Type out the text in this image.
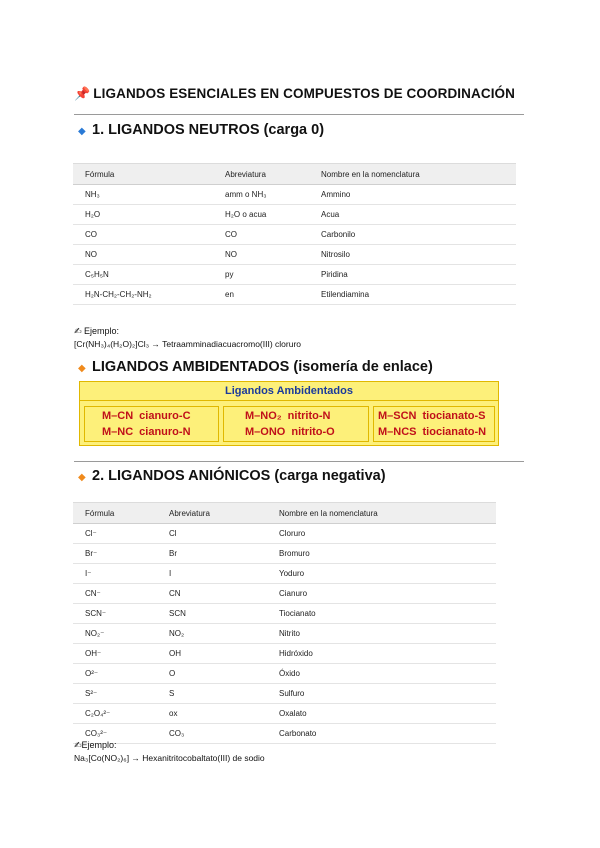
📌 LIGANDOS ESENCIALES EN COMPUESTOS DE COORDINACIÓN
◆ 1. LIGANDOS NEUTROS (carga 0)
Fórmula	Abreviatura	Nombre en la nomenclatura
NH₃	amm o NH₃	Ammino
H₂O	H₂O o acua	Acua
CO	CO	Carbonilo
NO	NO	Nitrosilo
C₅H₅N	py	Piridina
H₂N-CH₂-CH₂-NH₂	en	Etilendiamina
✍ Ejemplo:
[Cr(NH₃)₄(H₂O)₂]Cl₃ → Tetraamminadiacuacromo(III) cloruro
◆ LIGANDOS AMBIDENTADOS (isomería de enlace)
Ligandos Ambidentados
M–CN cianuro-C
M–NC cianuro-N
M–NO₂ nitrito-N
M–ONO nitrito-O
M–SCN tiocianato-S
M–NCS tiocianato-N
◆ 2. LIGANDOS ANIÓNICOS (carga negativa)
Fórmula	Abreviatura	Nombre en la nomenclatura
Cl⁻	Cl	Cloruro
Br⁻	Br	Bromuro
I⁻	I	Yoduro
CN⁻	CN	Cianuro
SCN⁻	SCN	Tiocianato
NO₂⁻	NO₂	Nitrito
OH⁻	OH	Hidróxido
O²⁻	O	Óxido
S²⁻	S	Sulfuro
C₂O₄²⁻	ox	Oxalato
CO₃²⁻	CO₃	Carbonato
✍Ejemplo:
Na₃[Co(NO₂)₆] → Hexanitritocobaltato(III) de sodio
